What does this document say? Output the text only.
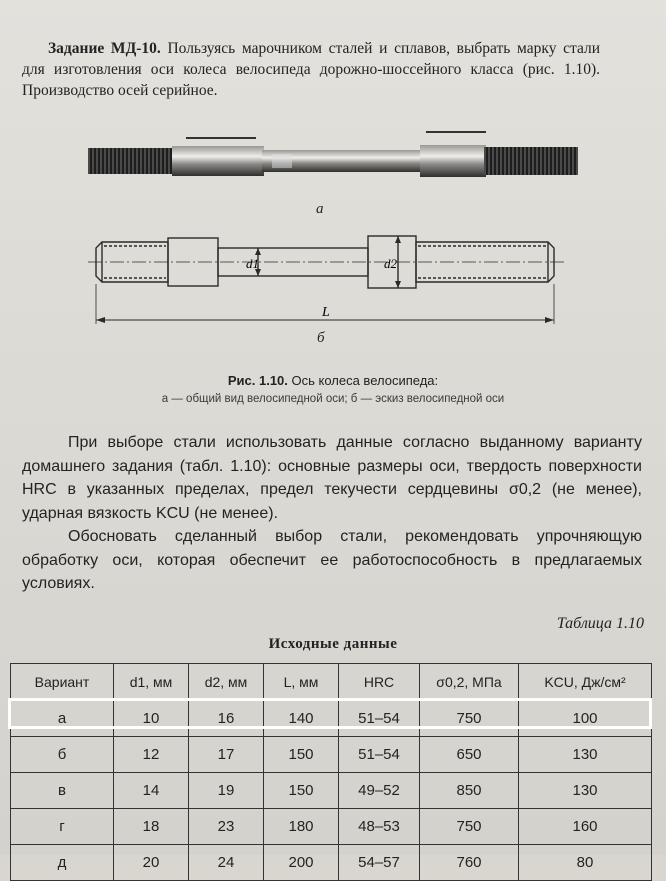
Задание МД-10. Пользуясь марочником сталей и сплавов, выбрать марку стали для изготовления оси колеса велосипеда дорожно-шоссейного класса (рис. 1.10). Производство осей серийное.
а
d1	d2
L
б
Рис. 1.10. Ось колеса велосипеда:
а — общий вид велосипедной оси; б — эскиз велосипедной оси

При выборе стали использовать данные согласно выданному варианту домашнего задания (табл. 1.10): основные размеры оси, твердость поверхности HRC в указанных пределах, предел текучести сердцевины σ0,2 (не менее), ударная вязкость KCU (не менее).

Обосновать сделанный выбор стали, рекомендовать упрочняющую обработку оси, которая обеспечит ее работоспособность в предлагаемых условиях.

Таблица 1.10
Исходные данные
Вариант	d1, мм	d2, мм	L, мм	HRC	σ0,2, МПа	KCU, Дж/см²
а	10	16	140	51–54	750	100
б	12	17	150	51–54	650	130
в	14	19	150	49–52	850	130
г	18	23	180	48–53	750	160
д	20	24	200	54–57	760	80
